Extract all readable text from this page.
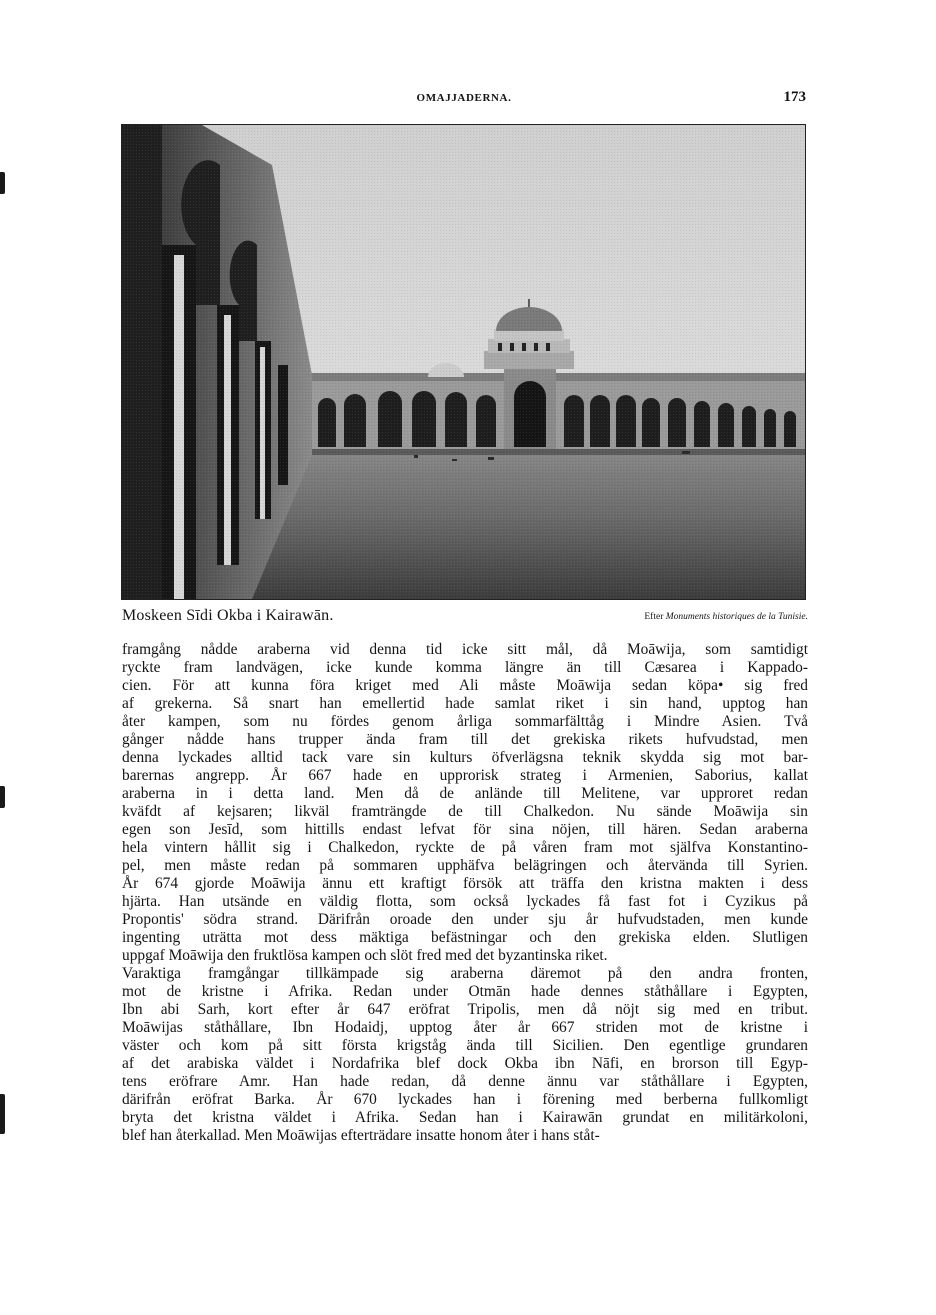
OMAJJADERNA.	173
Moskeen Sīdi Okba i Kairawān.	Efter Monuments historiques de la Tunisie.
framgång nådde araberna vid denna tid icke sitt mål, då Moāwija, som samtidigt
ryckte fram landvägen, icke kunde komma längre än till Cæsarea i Kappado-
cien. För att kunna föra kriget med Ali måste Moāwija sedan köpa• sig fred
af grekerna. Så snart han emellertid hade samlat riket i sin hand, upptog han
åter kampen, som nu fördes genom årliga sommarfälttåg i Mindre Asien. Två
gånger nådde hans trupper ända fram till det grekiska rikets hufvudstad, men
denna lyckades alltid tack vare sin kulturs öfverlägsna teknik skydda sig mot bar-
barernas angrepp. År 667 hade en upprorisk strateg i Armenien, Saborius, kallat
araberna in i detta land. Men då de anlände till Melitene, var upproret redan
kväfdt af kejsaren; likväl framträngde de till Chalkedon. Nu sände Moāwija sin
egen son Jesīd, som hittills endast lefvat för sina nöjen, till hären. Sedan araberna
hela vintern hållit sig i Chalkedon, ryckte de på våren fram mot själfva Konstantino-
pel, men måste redan på sommaren upphäfva belägringen och återvända till Syrien.
År 674 gjorde Moāwija ännu ett kraftigt försök att träffa den kristna makten i dess
hjärta. Han utsände en väldig flotta, som också lyckades få fast fot i Cyzikus på
Propontis' södra strand. Därifrån oroade den under sju år hufvudstaden, men kunde
ingenting uträtta mot dess mäktiga befästningar och den grekiska elden. Slutligen
uppgaf Moāwija den fruktlösa kampen och slöt fred med det byzantinska riket.
Varaktiga framgångar tillkämpade sig araberna däremot på den andra fronten,
mot de kristne i Afrika. Redan under Otmān hade dennes ståthållare i Egypten,
Ibn abi Sarh, kort efter år 647 eröfrat Tripolis, men då nöjt sig med en tribut.
Moāwijas ståthållare, Ibn Hodaidj, upptog åter år 667 striden mot de kristne i
väster och kom på sitt första krigståg ända till Sicilien. Den egentlige grundaren
af det arabiska väldet i Nordafrika blef dock Okba ibn Nāfi, en brorson till Egyp-
tens eröfrare Amr. Han hade redan, då denne ännu var ståthållare i Egypten,
därifrån eröfrat Barka. År 670 lyckades han i förening med berberna fullkomligt
bryta det kristna väldet i Afrika. Sedan han i Kairawān grundat en militärkoloni,
blef han återkallad. Men Moāwijas efterträdare insatte honom åter i hans ståt-
